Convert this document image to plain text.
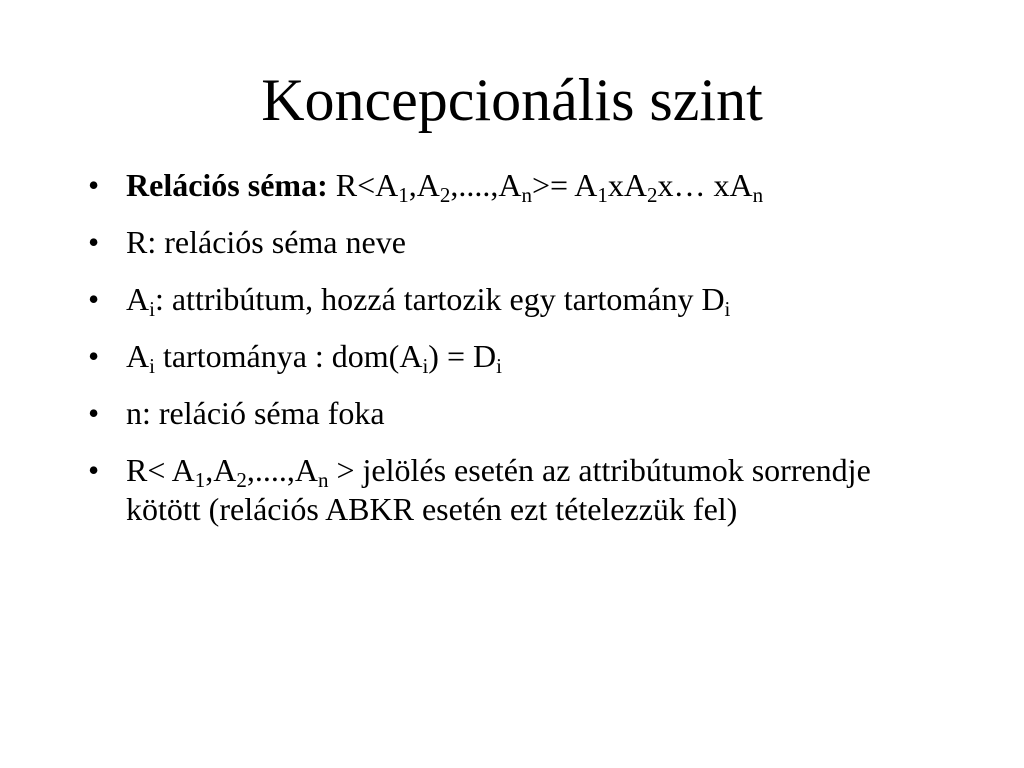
Koncepcionális szint
• Relációs séma: $R<A_1,A_2,....,A_n>=$ $A_1xA_2x\dots$ $xA_n$
• R: relációs séma neve
• $A_i$: attribútum, hozzá tartozik egy tartomány $D_i$
• $A_i$ tartománya : $dom(A_i) = D_i$
• n: reláció séma foka
• $R< A_1,A_2,....,A_n$ > jelölés esetén az attribútumok sorrendje kötött (relációs ABKR esetén ezt tételezzük fel)
